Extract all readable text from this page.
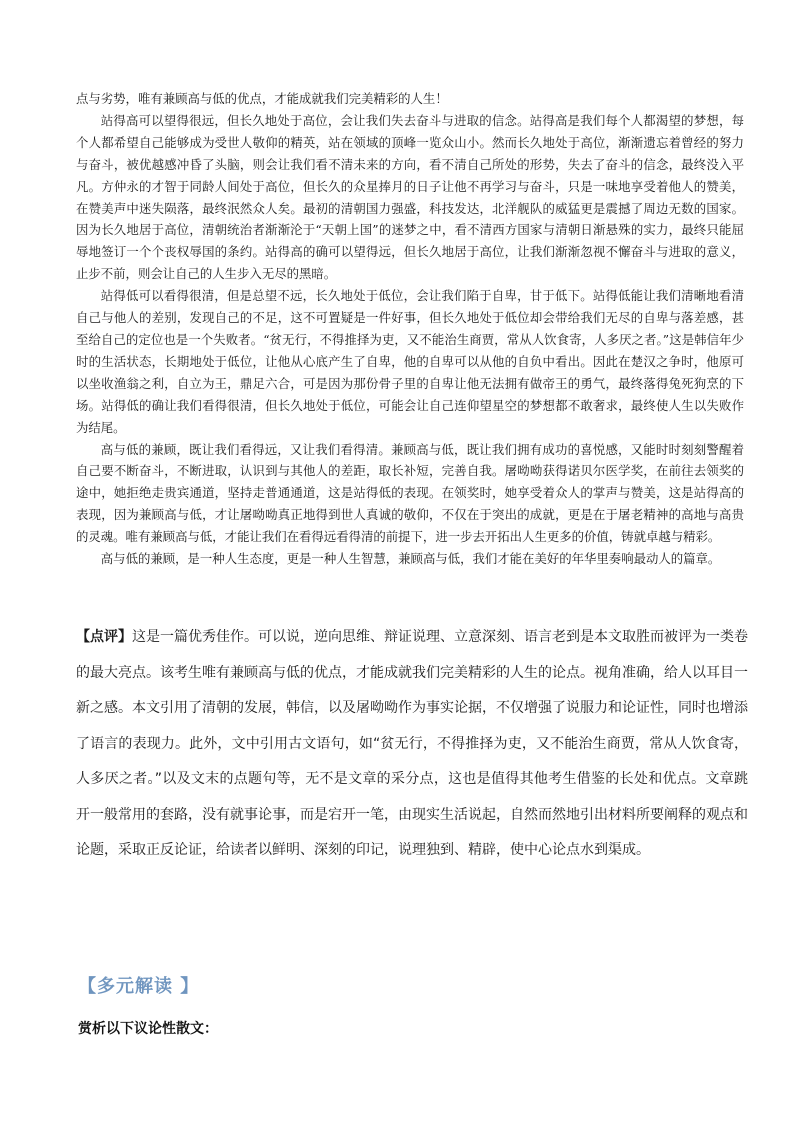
点与劣势，唯有兼顾高与低的优点，才能成就我们完美精彩的人生！

站得高可以望得很远，但长久地处于高位，会让我们失去奋斗与进取的信念。站得高是我们每个人都渴望的梦想，每个人都希望自己能够成为受世人敬仰的精英，站在领域的顶峰一览众山小。然而长久地处于高位，渐渐遗忘着曾经的努力与奋斗，被优越感冲昏了头脑，则会让我们看不清未来的方向，看不清自己所处的形势，失去了奋斗的信念，最终没入平凡。方仲永的才智于同龄人间处于高位，但长久的众星捧月的日子让他不再学习与奋斗，只是一味地享受着他人的赞美，在赞美声中迷失陨落，最终泯然众人矣。最初的清朝国力强盛，科技发达，北洋舰队的威猛更是震撼了周边无数的国家。因为长久地居于高位，清朝统治者渐渐沦于“天朝上国”的迷梦之中，看不清西方国家与清朝日渐悬殊的实力，最终只能屈辱地签订一个个丧权辱国的条约。站得高的确可以望得远，但长久地居于高位，让我们渐渐忽视不懈奋斗与进取的意义，止步不前，则会让自己的人生步入无尽的黑暗。

站得低可以看得很清，但是总望不远，长久地处于低位，会让我们陷于自卑，甘于低下。站得低能让我们清晰地看清自己与他人的差别，发现自己的不足，这不可置疑是一件好事，但长久地处于低位却会带给我们无尽的自卑与落差感，甚至给自己的定位也是一个失败者。“贫无行，不得推择为吏，又不能治生商贾，常从人饮食寄，人多厌之者。”这是韩信年少时的生活状态，长期地处于低位，让他从心底产生了自卑，他的自卑可以从他的自负中看出。因此在楚汉之争时，他原可以坐收渔翁之利，自立为王，鼎足六合，可是因为那份骨子里的自卑让他无法拥有做帝王的勇气，最终落得兔死狗烹的下场。站得低的确让我们看得很清，但长久地处于低位，可能会让自己连仰望星空的梦想都不敢奢求，最终使人生以失败作为结尾。

高与低的兼顾，既让我们看得远，又让我们看得清。兼顾高与低，既让我们拥有成功的喜悦感，又能时时刻刻警醒着自己要不断奋斗，不断进取，认识到与其他人的差距，取长补短，完善自我。屠呦呦获得诺贝尔医学奖，在前往去领奖的途中，她拒绝走贵宾通道，坚持走普通通道，这是站得低的表现。在领奖时，她享受着众人的掌声与赞美，这是站得高的表现，因为兼顾高与低，才让屠呦呦真正地得到世人真诚的敬仰，不仅在于突出的成就，更是在于屠老精神的高地与高贵的灵魂。唯有兼顾高与低，才能让我们在看得远看得清的前提下，进一步去开拓出人生更多的价值，铸就卓越与精彩。

高与低的兼顾，是一种人生态度，更是一种人生智慧，兼顾高与低，我们才能在美好的年华里奏响最动人的篇章。

【点评】这是一篇优秀佳作。可以说，逆向思维、辩证说理、立意深刻、语言老到是本文取胜而被评为一类卷的最大亮点。该考生唯有兼顾高与低的优点，才能成就我们完美精彩的人生的论点。视角准确，给人以耳目一新之感。本文引用了清朝的发展，韩信，以及屠呦呦作为事实论据，不仅增强了说服力和论证性，同时也增添了语言的表现力。此外，文中引用古文语句，如“贫无行，不得推择为吏，又不能治生商贾，常从人饮食寄，人多厌之者。”以及文末的点题句等，无不是文章的采分点，这也是值得其他考生借鉴的长处和优点。文章跳开一般常用的套路，没有就事论事，而是宕开一笔，由现实生活说起，自然而然地引出材料所要阐释的观点和论题，采取正反论证，给读者以鲜明、深刻的印记，说理独到、精辟，使中心论点水到渠成。

【多元解读 】
赏析以下议论性散文：
